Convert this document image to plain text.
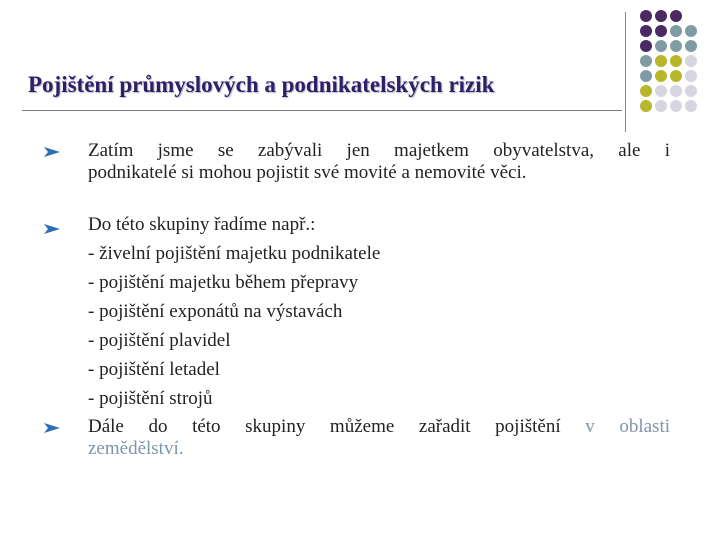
Pojištění průmyslových a podnikatelských rizik
Zatím jsme se zabývali jen majetkem obyvatelstva, ale i
podnikatelé si mohou pojistit své movité a nemovité věci.
Do této skupiny řadíme např.:
- živelní pojištění majetku podnikatele
- pojištění majetku během přepravy
- pojištění exponátů na výstavách
- pojištění plavidel
- pojištění letadel
- pojištění strojů
Dále do této skupiny můžeme zařadit pojištění v oblasti
zemědělství.
